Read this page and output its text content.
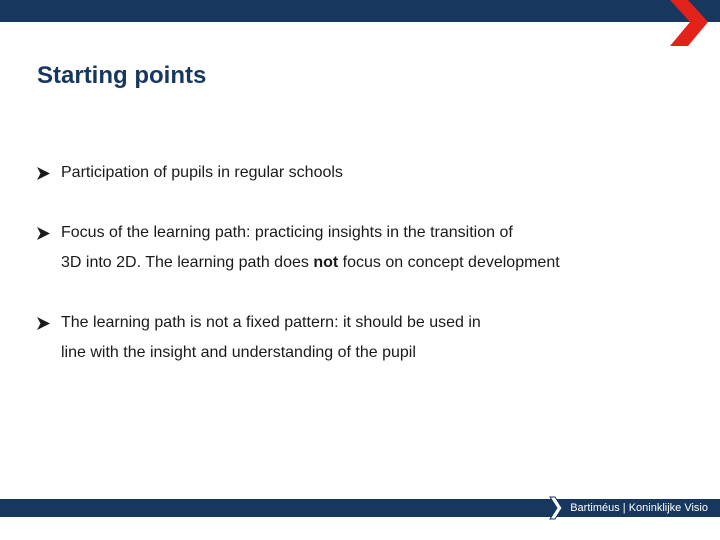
Starting points
Participation of pupils in regular schools
Focus of the learning path: practicing insights in the transition of
3D into 2D. The learning path does not focus on concept development
The learning path is not a fixed pattern: it should be used in
line with the insight and understanding of the pupil
Bartiméus | Koninklijke Visio
